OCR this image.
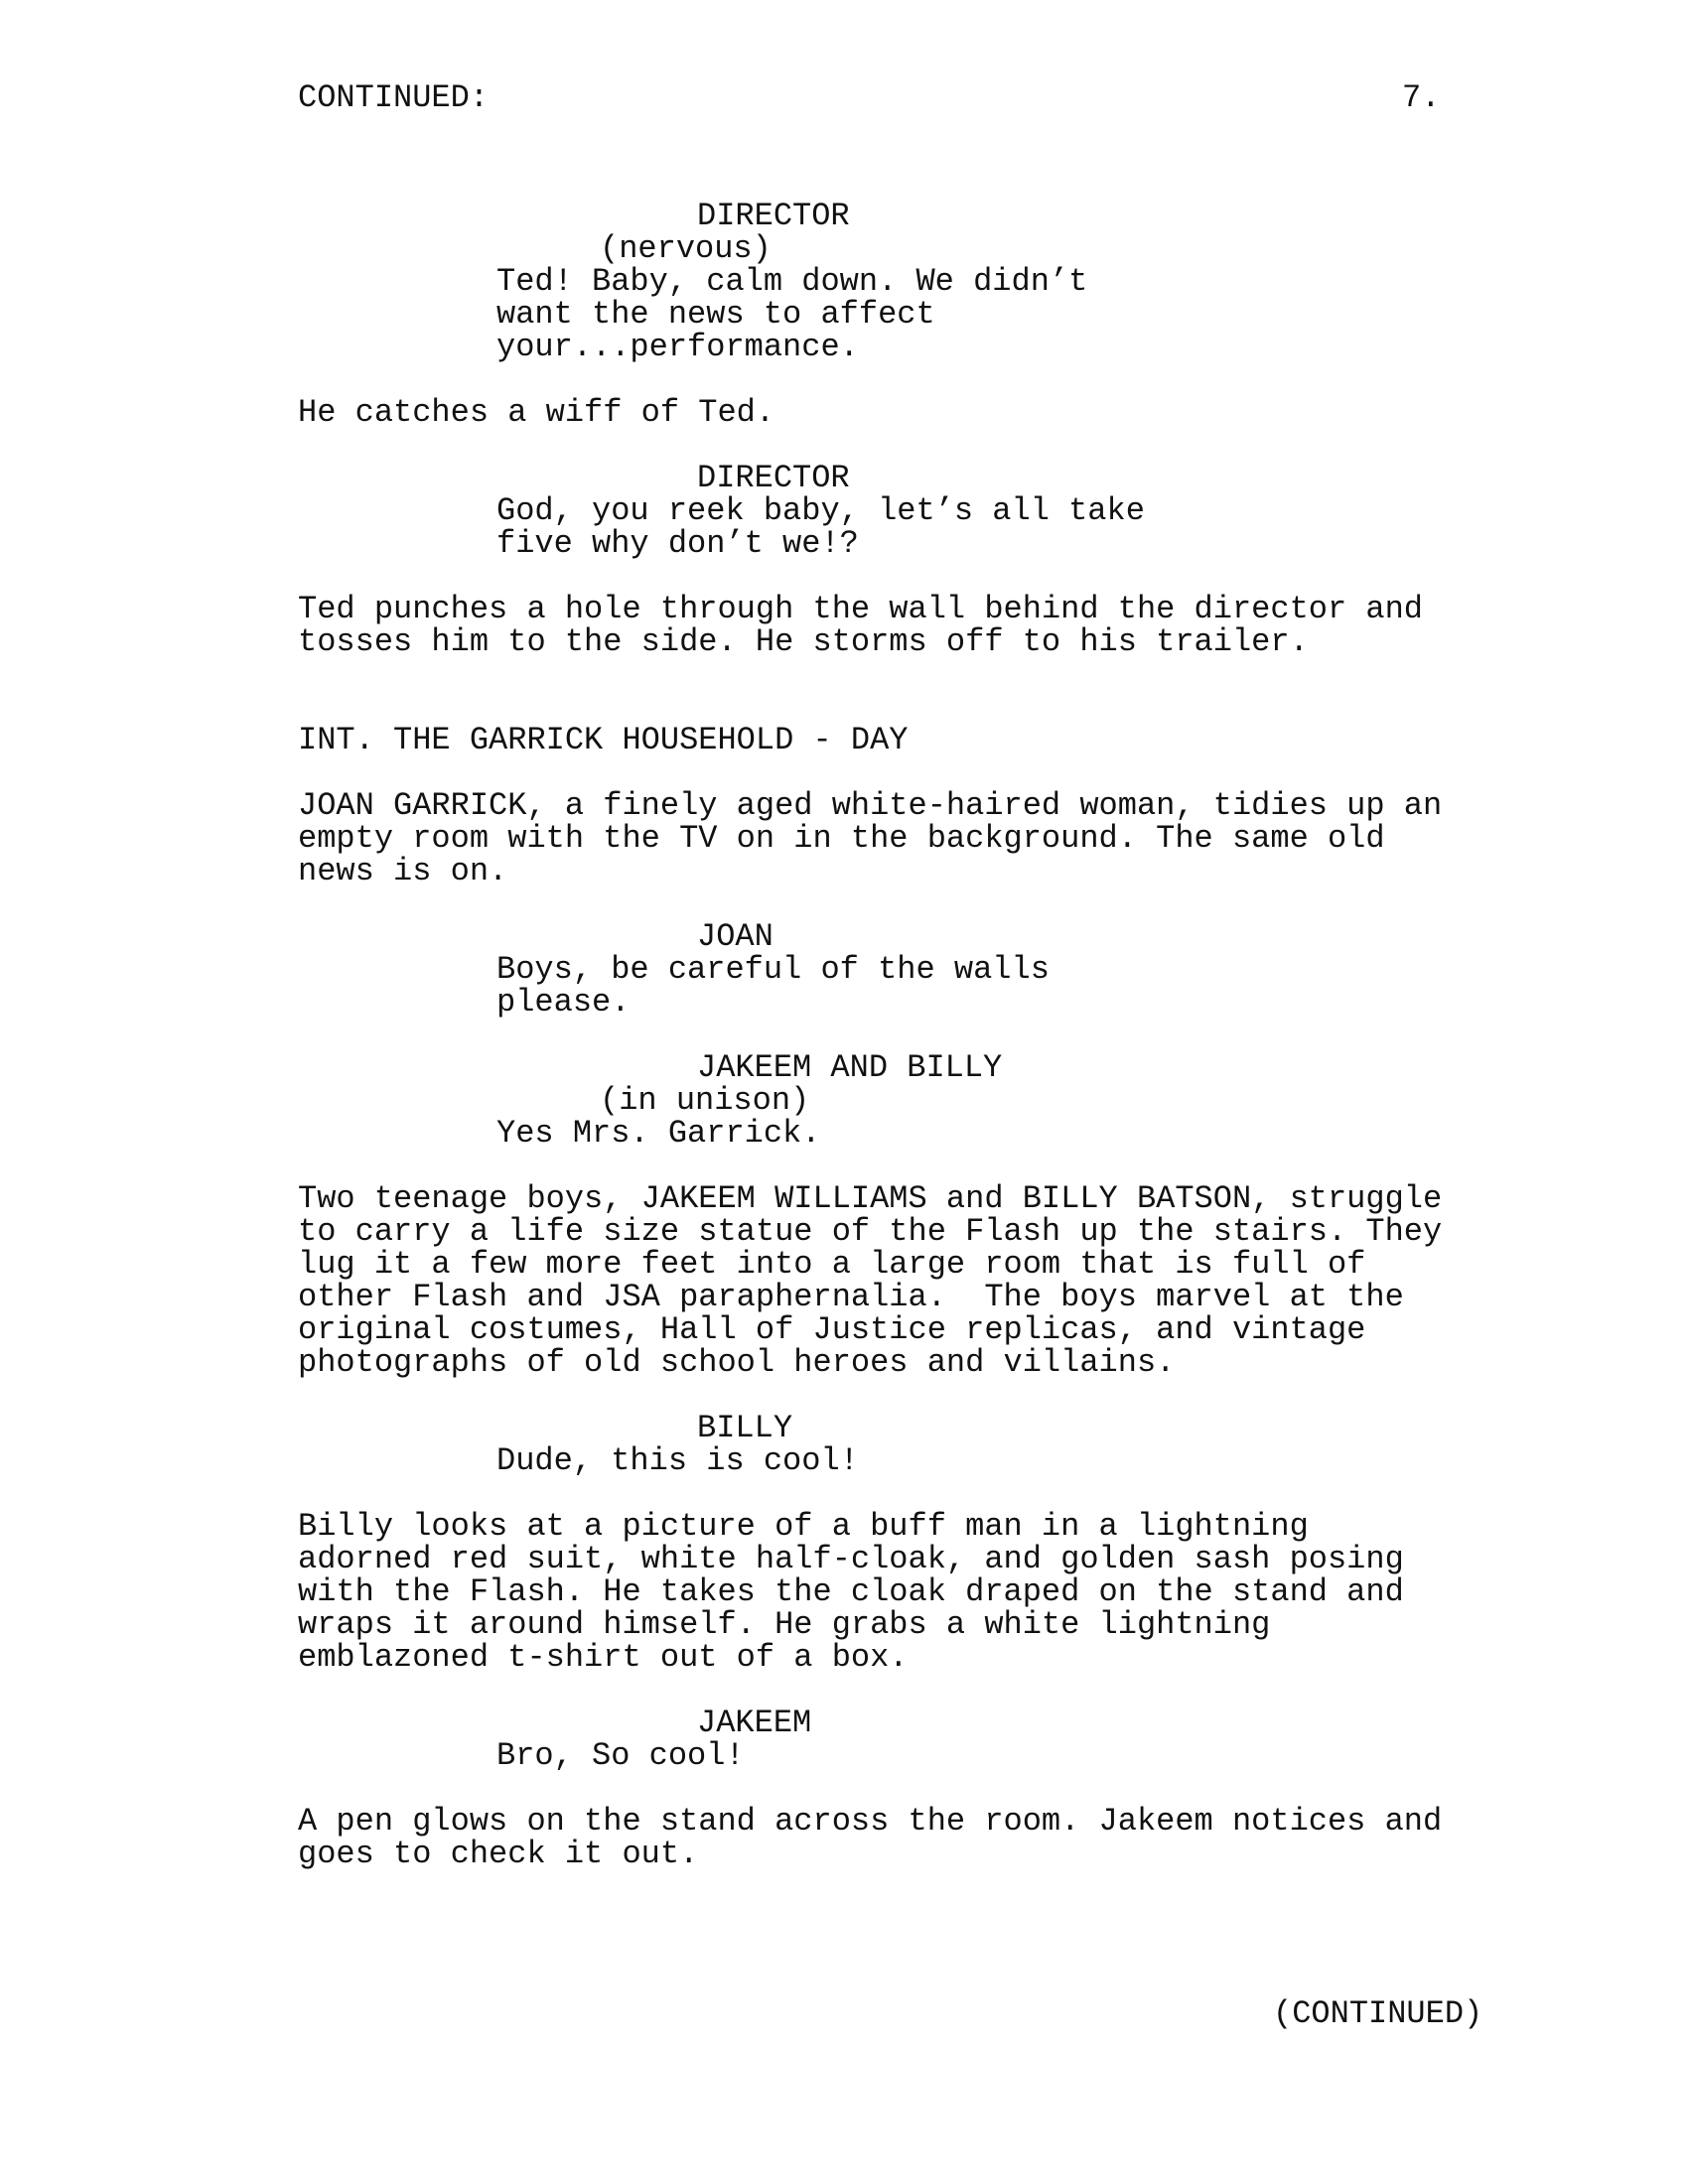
CONTINUED:	7.
DIRECTOR
(nervous)
Ted! Baby, calm down. We didn’t
want the news to affect
your...performance.
He catches a wiff of Ted.
DIRECTOR
God, you reek baby, let’s all take
five why don’t we!?
Ted punches a hole through the wall behind the director and
tosses him to the side. He storms off to his trailer.
INT. THE GARRICK HOUSEHOLD - DAY
JOAN GARRICK, a finely aged white-haired woman, tidies up an
empty room with the TV on in the background. The same old
news is on.
JOAN
Boys, be careful of the walls
please.
JAKEEM AND BILLY
(in unison)
Yes Mrs. Garrick.
Two teenage boys, JAKEEM WILLIAMS and BILLY BATSON, struggle
to carry a life size statue of the Flash up the stairs. They
lug it a few more feet into a large room that is full of
other Flash and JSA paraphernalia.  The boys marvel at the
original costumes, Hall of Justice replicas, and vintage
photographs of old school heroes and villains.
BILLY
Dude, this is cool!
Billy looks at a picture of a buff man in a lightning
adorned red suit, white half-cloak, and golden sash posing
with the Flash. He takes the cloak draped on the stand and
wraps it around himself. He grabs a white lightning
emblazoned t-shirt out of a box.
JAKEEM
Bro, So cool!
A pen glows on the stand across the room. Jakeem notices and
goes to check it out.
(CONTINUED)
